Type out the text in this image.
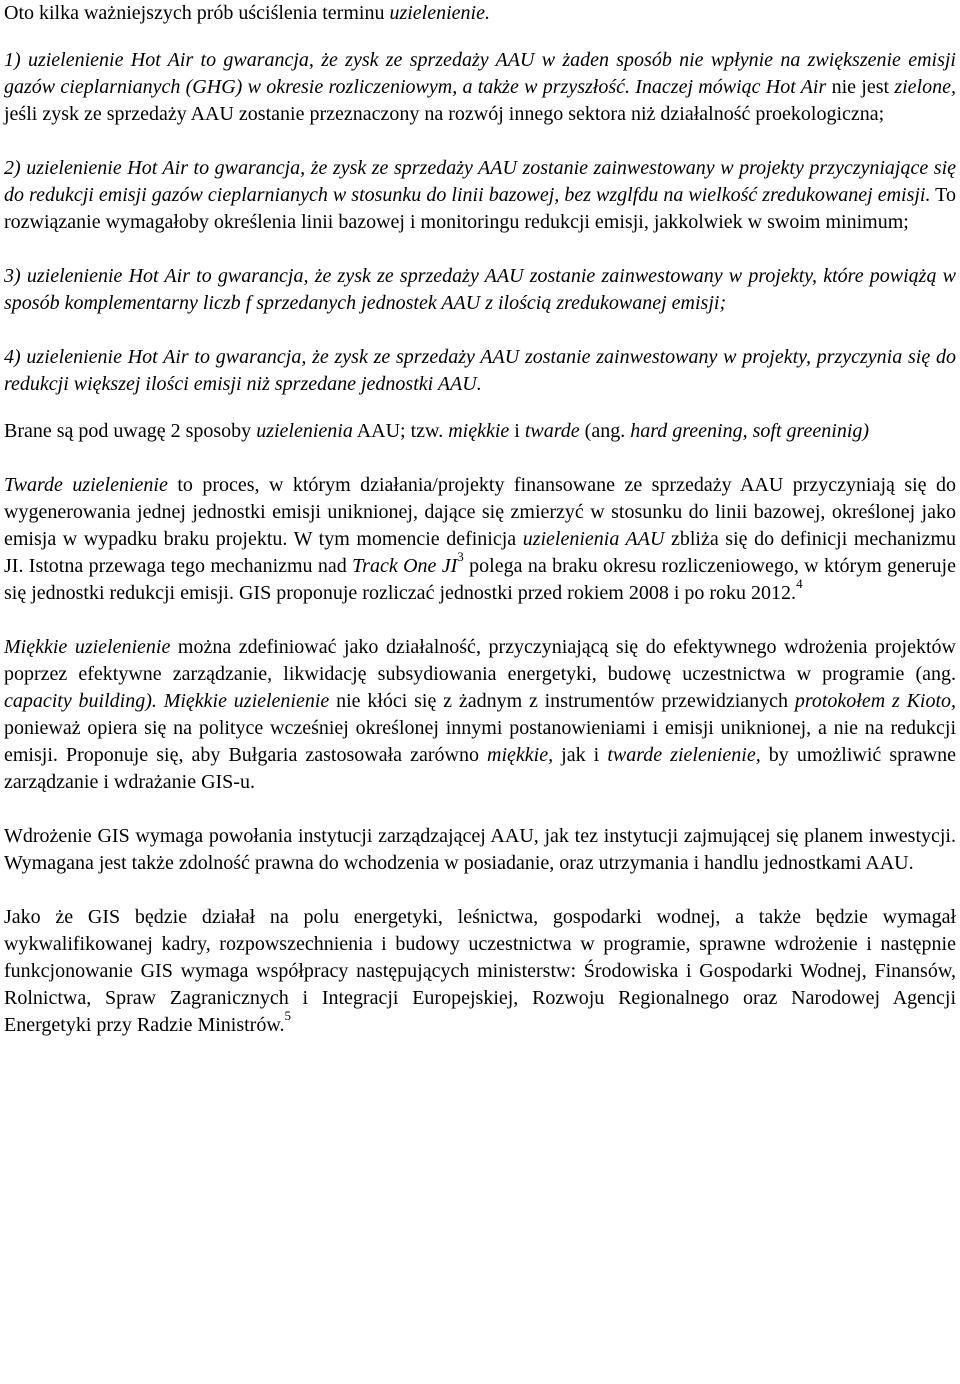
Oto kilka ważniejszych prób uściślenia terminu uzielenienie.

1) uzielenienie Hot Air to gwarancja, że zysk ze sprzedaży AAU w żaden sposób nie wpłynie na zwiększenie emisji gazów cieplarnianych (GHG) w okresie rozliczeniowym, a także w przyszłość. Inaczej mówiąc Hot Air nie jest zielone, jeśli zysk ze sprzedaży AAU zostanie przeznaczony na rozwój innego sektora niż działalność proekologiczna;

2) uzielenienie Hot Air to gwarancja, że zysk ze sprzedaży AAU zostanie zainwestowany w projekty przyczyniające się do redukcji emisji gazów cieplarnianych w stosunku do linii bazowej, bez wzglfdu na wielkość zredukowanej emisji. To rozwiązanie wymagałoby określenia linii bazowej i monitoringu redukcji emisji, jakkolwiek w swoim minimum;

3) uzielenienie Hot Air to gwarancja, że zysk ze sprzedaży AAU zostanie zainwestowany w projekty, które powiążą w sposób komplementarny liczb f sprzedanych jednostek AAU z ilością zredukowanej emisji;

4) uzielenienie Hot Air to gwarancja, że zysk ze sprzedaży AAU zostanie zainwestowany w projekty, przyczynia się do redukcji większej ilości emisji niż sprzedane jednostki AAU.

Brane są pod uwagę 2 sposoby uzielenienia AAU; tzw. miękkie i twarde (ang. hard greening, soft greeninig)

Twarde uzielenienie to proces, w którym działania/projekty finansowane ze sprzedaży AAU przyczyniają się do wygenerowania jednej jednostki emisji uniknionej, dające się zmierzyć w stosunku do linii bazowej, określonej jako emisja w wypadku braku projektu. W tym momencie definicja uzielenienia AAU zbliża się do definicji mechanizmu JI. Istotna przewaga tego mechanizmu nad Track One $JI^3$ polega na braku okresu rozliczeniowego, w którym generuje się jednostki redukcji emisji. GIS proponuje rozliczać jednostki przed rokiem 2008 i po roku 2012.$^4$

Miękkie uzielenienie można zdefiniować jako działalność, przyczyniającą się do efektywnego wdrożenia projektów poprzez efektywne zarządzanie, likwidację subsydiowania energetyki, budowę uczestnictwa w programie (ang. capacity building). Miękkie uzielenienie nie kłóci się z żadnym z instrumentów przewidzianych protokołem z Kioto, ponieważ opiera się na polityce wcześniej określonej innymi postanowieniami i emisji uniknionej, a nie na redukcji emisji. Proponuje się, aby Bułgaria zastosowała zarówno miękkie, jak i twarde zielenienie, by umożliwić sprawne zarządzanie i wdrażanie GIS-u.

Wdrożenie GIS wymaga powołania instytucji zarządzającej AAU, jak tez instytucji zajmującej się planem inwestycji. Wymagana jest także zdolność prawna do wchodzenia w posiadanie, oraz utrzymania i handlu jednostkami AAU.

Jako że GIS będzie działał na polu energetyki, leśnictwa, gospodarki wodnej, a także będzie wymagał wykwalifikowanej kadry, rozpowszechnienia i budowy uczestnictwa w programie, sprawne wdrożenie i następnie funkcjonowanie GIS wymaga współpracy następujących ministerstw: Środowiska i Gospodarki Wodnej, Finansów, Rolnictwa, Spraw Zagranicznych i Integracji Europejskiej, Rozwoju Regionalnego oraz Narodowej Agencji Energetyki przy Radzie Ministrów.$^5$
